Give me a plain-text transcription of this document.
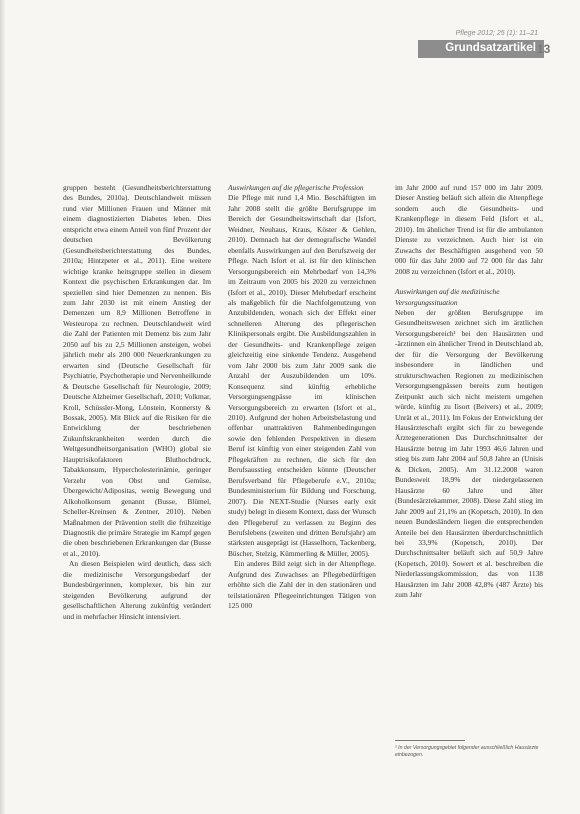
Pflege 2012; 25 (1): 11–21
Grundsatzartikel 13

gruppen besteht (Gesundheitsberichterstattung des Bundes, 2010a). Deutschlandweit müssen rund vier Millionen Frauen und Männer mit einem diagnostizierten Diabetes leben. Dies entspricht etwa einem Anteil von fünf Prozent der deutschen Bevölkerung (Gesundheitsberichterstattung des Bundes, 2010a; Hintzpeter et al., 2011). Eine weitere wichtige kranke heitsgruppe stellen in diesem Kontext die psychischen Erkrankungen dar. Im speziellen sind hier Demenzen zu nennen. Bis zum Jahr 2030 ist mit einem Anstieg der Demenzen um 8,9 Millionen Betroffene in Westeuropa zu rechnen. Deutschlandweit wird die Zahl der Patienten mit Demenz bis zum Jahr 2050 auf bis zu 2,5 Millionen ansteigen, wobei jährlich mehr als 200 000 Neuerkrankungen zu erwarten sind (Deutsche Gesellschaft für Psychiatrie, Psychotherapie und Nervenheilkunde & Deutsche Gesellschaft für Neurologie, 2009; Deutsche Alzheimer Gesellschaft, 2010; Volkmar, Kroll, Schüssler-Mong, Lönstein, Konnersty & Bossak, 2005). Mit Blick auf die Risiken für die Entwicklung der beschriebenen Zukunftskrankheiten werden durch die Weltgesundheitsorganisation (WHO) global sie Hauptrisikofaktoren Bluthochdruck, Tabakkonsum, Hypercholesterinämie, geringer Verzehr von Obst und Gemüse, Übergewicht/Adipositas, wenig Bewegung und Alkoholkonsum genannt (Busse, Blümel, Scheller-Kreinsen & Zentner, 2010). Neben Maßnahmen der Prävention stellt die frühzeitige Diagnostik die primäre Strategie im Kampf gegen die oben beschriebenen Erkrankungen dar (Busse et al., 2010).

An diesen Beispielen wird deutlich, dass sich die medizinische Versorgungsbedarf der Bundesbürgerinnen, komplexer, bis hin zur steigenden Bevölkerung aufgrund der gesellschaftlichen Alterung zukünftig verändert und in mehrfacher Hinsicht intensiviert.

Auswirkungen auf die pflegerische Profession

Die Pflege mit rund 1,4 Mio. Beschäftigten im Jahr 2008 stellt die größte Berufsgruppe im Bereich der Gesundheitswirtschaft dar (Isfort, Weidner, Neuhaus, Kraus, Köster & Gehlen, 2010). Demnach hat der demografische Wandel ebenfalls Auswirkungen auf den Berufszweig der Pflege. Nach Isfort et al. ist für den klinischen Versorgungsbereich ein Mehrbedarf von 14,3% im Zeitraum von 2005 bis 2020 zu verzeichnen (Isfort et al., 2010). Dieser Mehrbedarf erscheint als maßgeblich für die Nachfolgenutzung von Anzubildenden, wonach sich der Effekt einer schnelleren Alterung des pflegerischen Klinikpersonals ergibt. Die Ausbildungszahlen in der Gesundheits- und Krankenpflege zeigen gleichzeitig eine sinkende Tendenz. Ausgehend vom Jahr 2000 bis zum Jahr 2009 sank die Anzahl der Auszubildenden um 10%. Konsequenz sind künftig erhebliche Versorgungsengpässe im klinischen Versorgungsbereich zu erwarten (Isfort et al., 2010). Aufgrund der hohen Arbeitsbelastung und offenbar unattraktiven Rahmenbedingungen sowie den fehlenden Perspektiven in diesem Beruf ist künftig von einer steigenden Zahl von Pflegekräften zu rechnen, die sich für den Berufsausstieg entscheiden könnte (Deutscher Berufsverband für Pflegeberufe e.V., 2010a; Bundesministerium für Bildung und Forschung, 2007). Die NEXT-Studie (Nurses early exit study) belegt in diesem Kontext, dass der Wunsch den Pflegeberuf zu verlassen zu Beginn des Berufslebens (zweiten und dritten Berufsjahr) am stärksten ausgeprägt ist (Hasselhorn, Tackenberg, Büscher, Stelzig, Kümmerling & Müller, 2005).

Ein anderes Bild zeigt sich in der Altenpflege. Aufgrund des Zuwachses an Pflegebedürftigen erhöhte sich die Zahl der in den stationären und teilstationären Pflegeeinrichtungen Tätigen von 125 000

im Jahr 2000 auf rund 157 000 im Jahr 2009. Dieser Anstieg beläuft sich allein die Altenpflege sondern auch die Gesundheits- und Krankenpflege in diesem Feld (Isfort et al., 2010). Im ähnlicher Trend ist für die ambulanten Dienste zu verzeichnen. Auch hier ist ein Zuwachs der Beschäftigten ausgehend von 50 000 für das Jahr 2000 auf 72 000 für das Jahr 2008 zu verzeichnen (Isfort et al., 2010).

Auswirkungen auf die medizinische Versorgungssituation

Neben der größten Berufsgruppe im Gesundheitswesen zeichnet sich im ärztlichen Versorgungsbereich¹ bei den Hausärzten und -ärztinnen ein ähnlicher Trend in Deutschland ab, der für die Versorgung der Bevölkerung insbesondere in ländlichen und strukturschwachen Regionen zu medizinischen Versorgungsengpässen bereits zum heutigen Zeitpunkt auch sich nicht meistern umgehen würde, künftig zu Iisort (Beivers) et al., 2009; Unrät et al., 2011). Im Fokus der Entwicklung der Hausärzteschaft ergibt sich für zu bewegende Ärztegenerationen Das Durchschnittsalter der Hausärzte betrug im Jahr 1993 46,6 Jahren und stieg bis zum Jahr 2004 auf 50,8 Jahre an (Unisis & Dicken, 2005). Am 31.12.2008 waren Bundesweit 18,9% der niedergelassenen Hausärzte 60 Jahre und älter (Bundesärztekammer, 2008). Diese Zahl stieg im Jahr 2009 auf 21,1% an (Kopetsch, 2010). In den neuen Bundesländern liegen die entsprechenden Anteile bei den Hausärzten überdurchschnittlich bei 33,9% (Kopetsch, 2010). Der Durchschnittsalter beläuft sich auf 50,9 Jahre (Kopetsch, 2010). Sowert et al. beschreiben die Niederlassungskommission, das von 1138 Hausärzten im Jahr 2008 42,8% (487 Ärzte) bis zum Jahr

¹ In der Versorgungsgebiet folgender ausschließlich Hausärzte einbezogen.
